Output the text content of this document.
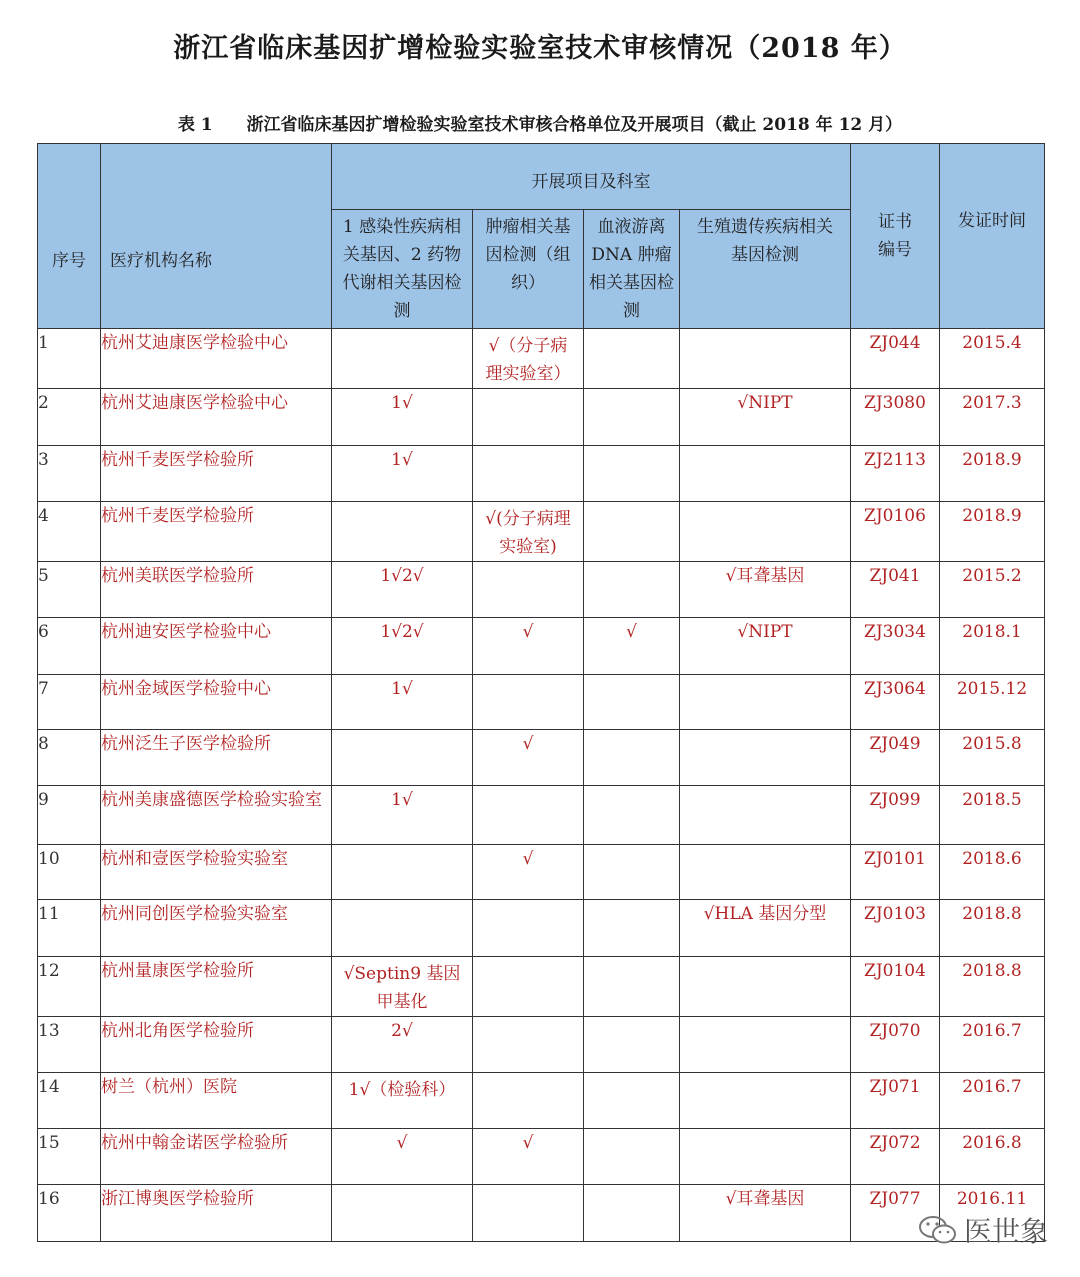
浙江省临床基因扩增检验实验室技术审核情况（2018 年）
表 1 浙江省临床基因扩增检验实验室技术审核合格单位及开展项目（截止 2018 年 12 月）
序号	医疗机构名称	开展项目及科室				证书编号	发证时间
		1 感染性疾病相关基因、2 药物代谢相关基因检测	肿瘤相关基因检测（组织）	血液游离DNA 肿瘤相关基因检测	生殖遗传疾病相关基因检测		
1	杭州艾迪康医学检验中心		√（分子病理实验室）			ZJ044	2015.4
2	杭州艾迪康医学检验中心	1√			√NIPT	ZJ3080	2017.3
3	杭州千麦医学检验所	1√				ZJ2113	2018.9
4	杭州千麦医学检验所		√(分子病理实验室)			ZJ0106	2018.9
5	杭州美联医学检验所	1√2√			√耳聋基因	ZJ041	2015.2
6	杭州迪安医学检验中心	1√2√	√	√	√NIPT	ZJ3034	2018.1
7	杭州金域医学检验中心	1√				ZJ3064	2015.12
8	杭州泛生子医学检验所		√			ZJ049	2015.8
9	杭州美康盛德医学检验实验室	1√				ZJ099	2018.5
10	杭州和壹医学检验实验室		√			ZJ0101	2018.6
11	杭州同创医学检验实验室				√HLA 基因分型	ZJ0103	2018.8
12	杭州量康医学检验所	√Septin9 基因甲基化				ZJ0104	2018.8
13	杭州北角医学检验所	2√				ZJ070	2016.7
14	树兰（杭州）医院	1√（检验科）				ZJ071	2016.7
15	杭州中翰金诺医学检验所	√	√			ZJ072	2016.8
16	浙江博奥医学检验所				√耳聋基因	ZJ077	2016.11
医世象
